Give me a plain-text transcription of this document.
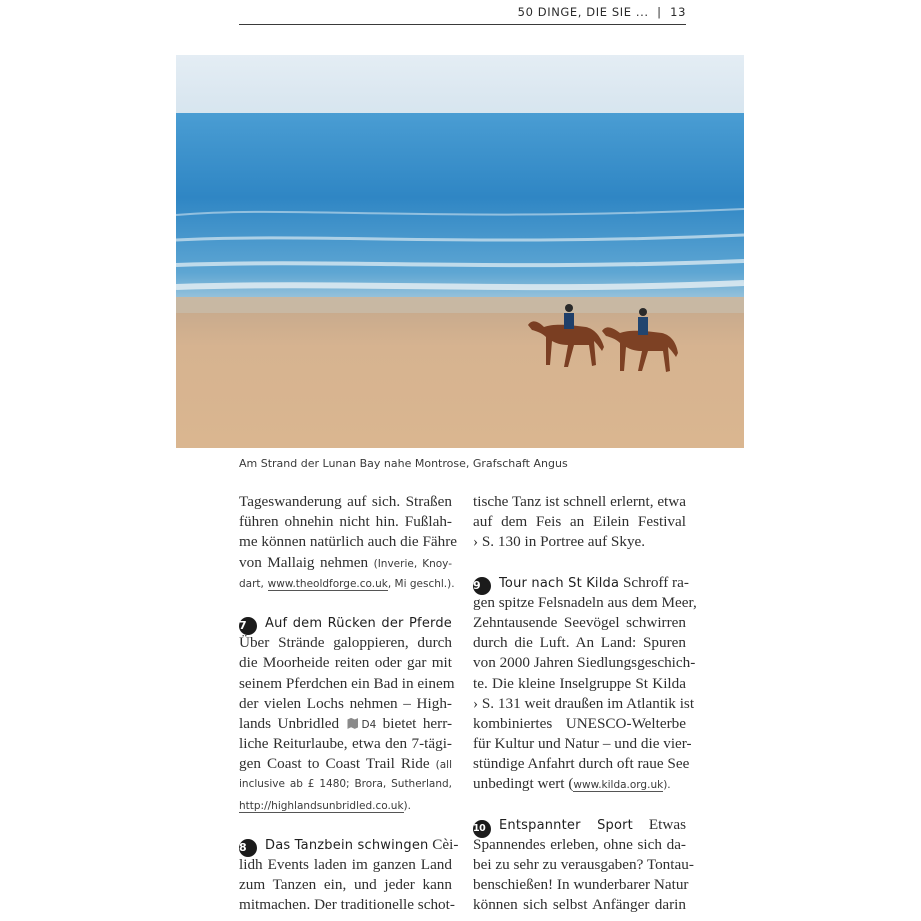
50 DINGE, DIE SIE ... | 13
Am Strand der Lunan Bay nahe Montrose, Grafschaft Angus

Tageswanderung auf sich. Straßen
führen ohnehin nicht hin. Fußlah-
me können natürlich auch die Fähre
von Mallaig nehmen (Inverie, Knoy-
dart, www.theoldforge.co.uk, Mi geschl.).

7 Auf dem Rücken der Pferde
Über Strände galoppieren, durch
die Moorheide reiten oder gar mit
seinem Pferdchen ein Bad in einem
der vielen Lochs nehmen – High-
lands Unbridled D4 bietet herr-
liche Reiturlaube, etwa den 7-tägi-
gen Coast to Coast Trail Ride (all
inclusive ab £ 1480; Brora, Sutherland,
http://highlandsunbridled.co.uk).

8 Das Tanzbein schwingen Cèi-
lidh Events laden im ganzen Land
zum Tanzen ein, und jeder kann
mitmachen. Der traditionelle schot-

tische Tanz ist schnell erlernt, etwa
auf dem Feis an Eilein Festival
› S. 130 in Portree auf Skye.

9 Tour nach St Kilda Schroff ra-
gen spitze Felsnadeln aus dem Meer,
Zehntausende Seevögel schwirren
durch die Luft. An Land: Spuren
von 2000 Jahren Siedlungsgeschich-
te. Die kleine Inselgruppe St Kilda
› S. 131 weit draußen im Atlantik ist
kombiniertes UNESCO-Welterbe
für Kultur und Natur – und die vier-
stündige Anfahrt durch oft raue See
unbedingt wert (www.kilda.org.uk).

10 Entspannter Sport Etwas
Spannendes erleben, ohne sich da-
bei zu sehr zu verausgaben? Tontau-
benschießen! In wunderbarer Natur
können sich selbst Anfänger darin
